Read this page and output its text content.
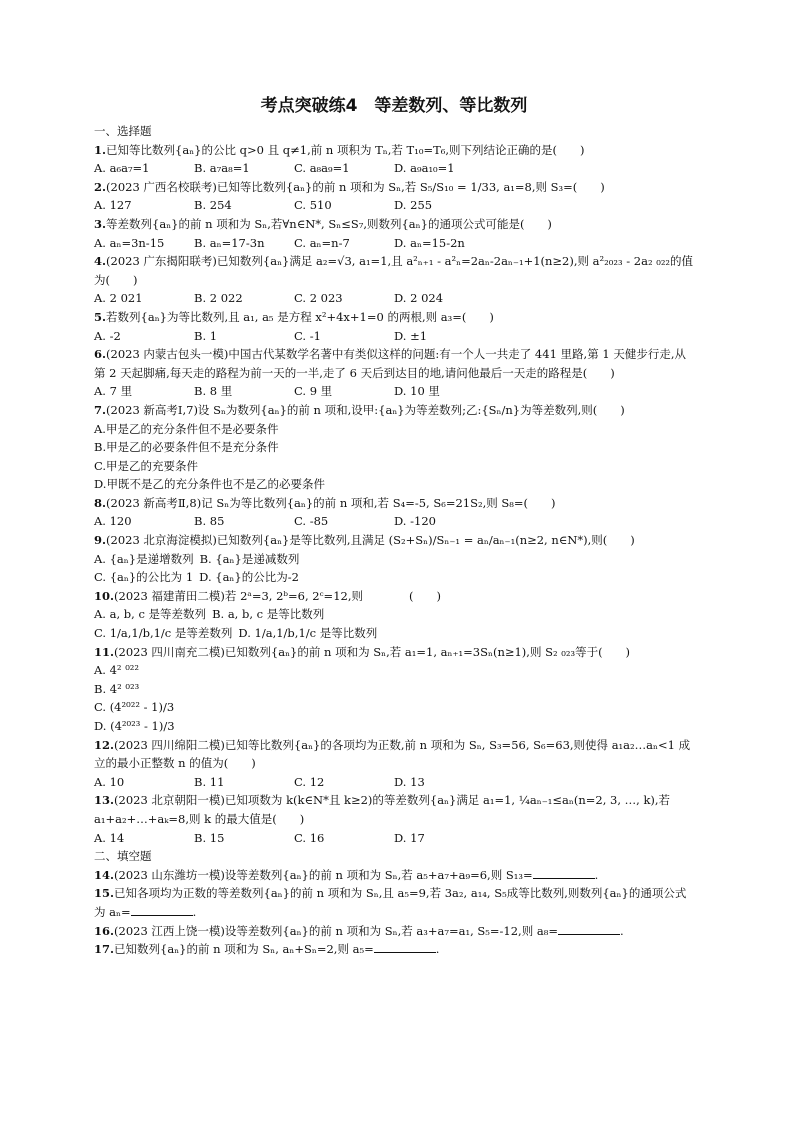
考点突破练4　等差数列、等比数列
一、选择题
1.已知等比数列{aₙ}的公比 q>0 且 q≠1,前 n 项积为 Tₙ,若 T₁₀=T₆,则下列结论正确的是(　　)
A. a₆a₇=1	B. a₇a₈=1	C. a₈a₉=1	D. a₉a₁₀=1
2.(2023 广西名校联考)已知等比数列{aₙ}的前 n 项和为 Sₙ,若 S₅/S₁₀ = 1/33, a₁=8,则 S₃=(　　)
A. 127	B. 254	C. 510	D. 255
3.等差数列{aₙ}的前 n 项和为 Sₙ,若∀n∈N*, Sₙ≤S₇,则数列{aₙ}的通项公式可能是(　　)
A. aₙ=3n-15	B. aₙ=17-3n	C. aₙ=n-7	D. aₙ=15-2n
4.(2023 广东揭阳联考)已知数列{aₙ}满足 a₂=√3, a₁=1,且 a²ₙ₊₁ - a²ₙ=2aₙ-2aₙ₋₁+1(n≥2),则 a²₂₀₂₃ - 2a₂ ₀₂₂的值为(　　)
A. 2 021	B. 2 022	C. 2 023	D. 2 024
5.若数列{aₙ}为等比数列,且 a₁, a₅ 是方程 x²+4x+1=0 的两根,则 a₃=(　　)
A. -2	B. 1	C. -1	D. ±1
6.(2023 内蒙古包头一模)中国古代某数学名著中有类似这样的问题:有一个人一共走了 441 里路,第 1 天健步行走,从第 2 天起脚痛,每天走的路程为前一天的一半,走了 6 天后到达目的地,请问他最后一天走的路程是(　　)
A. 7 里	B. 8 里	C. 9 里	D. 10 里
7.(2023 新高考Ⅰ,7)设 Sₙ为数列{aₙ}的前 n 项和,设甲:{aₙ}为等差数列;乙:{Sₙ/n}为等差数列,则(　　)
A.甲是乙的充分条件但不是必要条件
B.甲是乙的必要条件但不是充分条件
C.甲是乙的充要条件
D.甲既不是乙的充分条件也不是乙的必要条件
8.(2023 新高考Ⅱ,8)记 Sₙ为等比数列{aₙ}的前 n 项和,若 S₄=-5, S₆=21S₂,则 S₈=(　　)
A. 120	B. 85	C. -85	D. -120
9.(2023 北京海淀模拟)已知数列{aₙ}是等比数列,且满足 (S₂+Sₙ)/Sₙ₋₁ = aₙ/aₙ₋₁(n≥2, n∈N*),则(　　)
A. {aₙ}是递增数列 B. {aₙ}是递减数列
C. {aₙ}的公比为 1 D. {aₙ}的公比为-2
10.(2023 福建莆田二模)若 2ᵃ=3, 2ᵇ=6, 2ᶜ=12,则　　　　(　　)
A. a, b, c 是等差数列 B. a, b, c 是等比数列
C. 1/a,1/b,1/c 是等差数列 D. 1/a,1/b,1/c 是等比数列
11.(2023 四川南充二模)已知数列{aₙ}的前 n 项和为 Sₙ,若 a₁=1, aₙ₊₁=3Sₙ(n≥1),则 S₂ ₀₂₃等于(　　)
A. 4² ⁰²²
B. 4² ⁰²³
C. (4²⁰²² - 1)/3
D. (4²⁰²³ - 1)/3
12.(2023 四川绵阳二模)已知等比数列{aₙ}的各项均为正数,前 n 项和为 Sₙ, S₃=56, S₆=63,则使得 a₁a₂…aₙ<1 成立的最小正整数 n 的值为(　　)
A. 10	B. 11	C. 12	D. 13
13.(2023 北京朝阳一模)已知项数为 k(k∈N*且 k≥2)的等差数列{aₙ}满足 a₁=1, ¼aₙ₋₁≤aₙ(n=2, 3, …, k),若 a₁+a₂+…+aₖ=8,则 k 的最大值是(　　)
A. 14	B. 15	C. 16	D. 17
二、填空题
14.(2023 山东潍坊一模)设等差数列{aₙ}的前 n 项和为 Sₙ,若 a₅+a₇+a₉=6,则 S₁₃=	.
15.已知各项均为正数的等差数列{aₙ}的前 n 项和为 Sₙ,且 a₅=9,若 3a₂, a₁₄, S₅成等比数列,则数列{aₙ}的通项公式为 aₙ=	.
16.(2023 江西上饶一模)设等差数列{aₙ}的前 n 项和为 Sₙ,若 a₃+a₇=a₁, S₅=-12,则 a₈=	.
17.已知数列{aₙ}的前 n 项和为 Sₙ, aₙ+Sₙ=2,则 a₅=	.
